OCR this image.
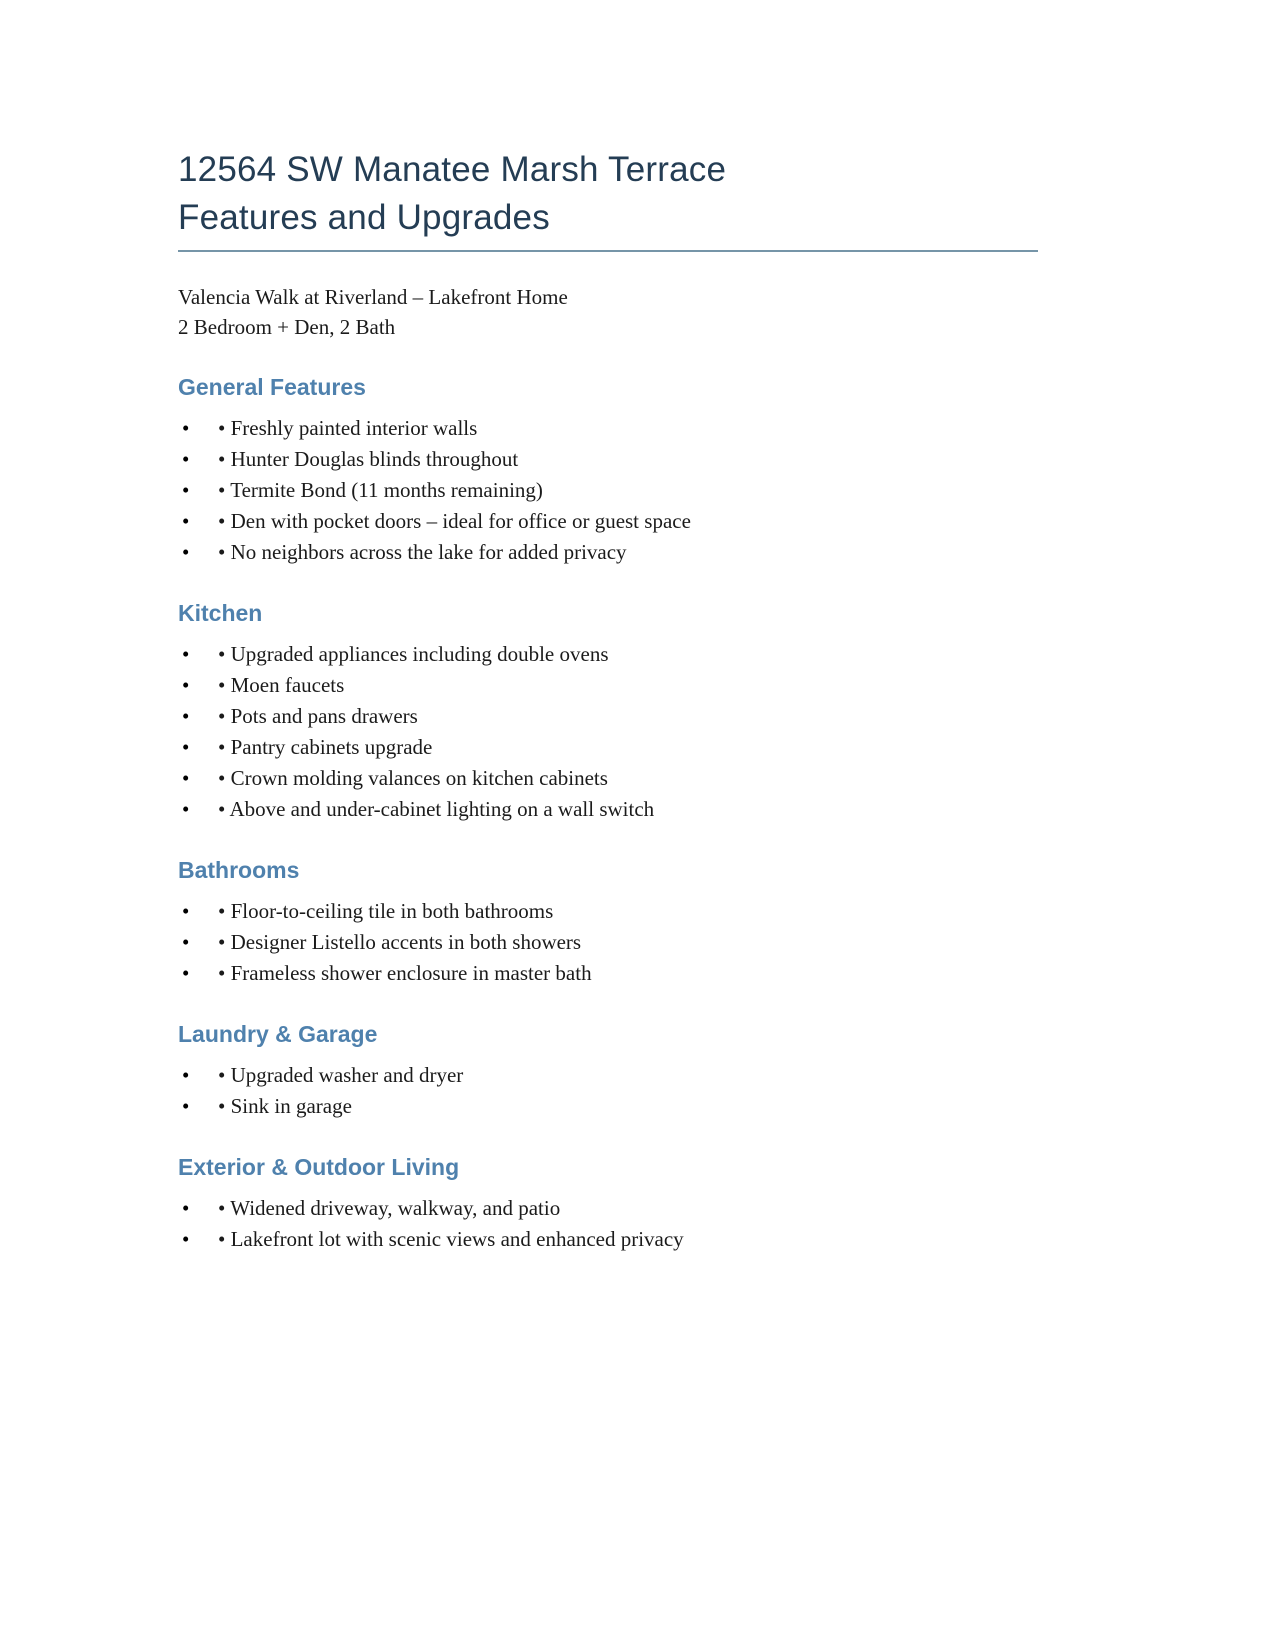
12564 SW Manatee Marsh Terrace
Features and Upgrades
Valencia Walk at Riverland – Lakefront Home
2 Bedroom + Den, 2 Bath
General Features
• • Freshly painted interior walls
• • Hunter Douglas blinds throughout
• • Termite Bond (11 months remaining)
• • Den with pocket doors – ideal for office or guest space
• • No neighbors across the lake for added privacy
Kitchen
• • Upgraded appliances including double ovens
• • Moen faucets
• • Pots and pans drawers
• • Pantry cabinets upgrade
• • Crown molding valances on kitchen cabinets
• • Above and under-cabinet lighting on a wall switch
Bathrooms
• • Floor-to-ceiling tile in both bathrooms
• • Designer Listello accents in both showers
• • Frameless shower enclosure in master bath
Laundry & Garage
• • Upgraded washer and dryer
• • Sink in garage
Exterior & Outdoor Living
• • Widened driveway, walkway, and patio
• • Lakefront lot with scenic views and enhanced privacy
